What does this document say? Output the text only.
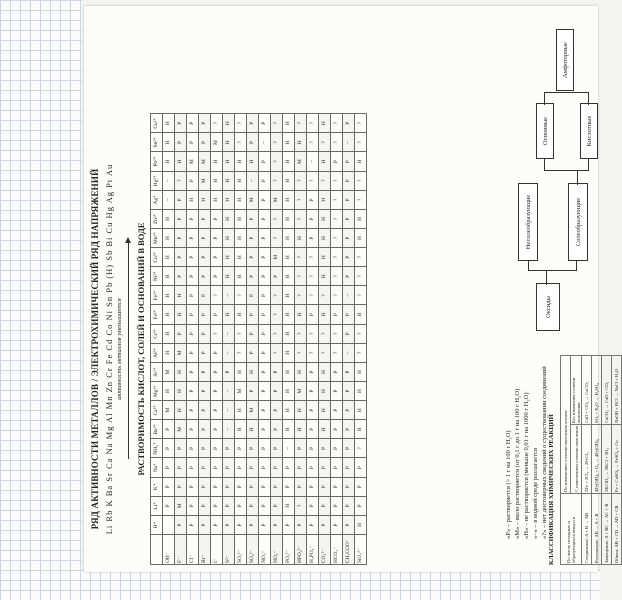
РЯД АКТИВНОСТИ МЕТАЛЛОВ / ЭЛЕКТРОХИМИЧЕСКИЙ РЯД НАПРЯЖЕНИЙ Li Rb K Ba Sr Ca Na Mg Al Mn Zn Cr Fe Cd Co Ni Sn Pb (H) Sb Bi Cu Hg Ag Pt Au активность металлов уменьшается РАСТВОРИМОСТЬ КИСЛОТ, СОЛЕЙ И ОСНОВАНИЙ В ВОДЕ
	H⁺	Li⁺	K⁺	Na⁺	NH₄⁺	Ba²⁺	Ca²⁺	Mg²⁺	Sr²⁺	Al³⁺	Cr³⁺	Fe²⁺	Fe³⁺	Ni²⁺	Co²⁺	Mn²⁺	Zn²⁺	Ag⁺	Hg²⁺	Pb²⁺	Sn²⁺	Cu²⁺
OH⁻		Р	Р	Р	Р	Р	М	Н	М	Н	Н	Н	Н	Н	Н	Н	Н	–	–	Н	Н	Н
F⁻	Р	М	Р	Р	Р	М	Н	Н	Н	М	Р	Н	Н	Р	Р	Р	Р	Р	?	Н	Р	Р
Cl⁻	Р	Р	Р	Р	Р	Р	Р	Р	Р	Р	Р	Р	Р	Р	Р	Р	Р	Н	Р	М	Р	Р
Br⁻	Р	Р	Р	Р	Р	Р	Р	Р	Р	Р	Р	Р	Р	Р	Р	Р	Р	Н	М	М	Р	Р
I⁻	Р	Р	Р	Р	Р	Р	Р	Р	Р	Р	?	Р	?	Р	Р	Р	Р	Н	Н	Н	М	?
S²⁻	Р	Р	Р	Р	Р	–	–	–	Р	–	–	Н	–	Н	Н	Н	Н	Н	Н	Н	Н	Н
SO₃²⁻	Р	Р	Р	Р	Р	Н	Н	М	Н	?	?	Н	?	Н	Н	Н	Н	Н	Н	Н	?	?
SO₄²⁻	Р	Р	Р	Р	Р	Н	М	Р	Н	Р	Р	Р	Р	Р	Р	Р	Р	М	–	Н	Р	Р
NO₃⁻	Р	Р	Р	Р	Р	Р	Р	Р	Р	Р	Р	Р	Р	Р	Р	Р	Р	Р	Р	Р	–	Р
NO₂⁻	Р	Р	Р	Р	Р	Р	Р	Р	Р	?	?	?	?	Р	М	?	?	М	?	?	?	?
PO₄³⁻	Р	Н	Р	Р	–	Н	Н	Н	Н	Н	Н	Н	Н	Н	Н	Н	Н	Н	Н	Н	Н	Н
HPO₄²⁻	Р	?	Р	Р	Р	Н	Н	М	Н	?	?	Н	?	?	?	Н	?	?	?	М	Н	?
H₂PO₄⁻	Р	Р	Р	Р	Р	Р	Р	Р	Р	?	?	Р	?	?	?	Р	Р	Р	?	–	?	?
CO₃²⁻	Р	Р	Р	Р	Р	Н	Н	Н	Н	?	?	Н	?	Н	Н	Н	Н	Н	?	Н	?	Н
HCO₃⁻	Р	Р	Р	Р	Р	Р	Р	Р	Р	?	?	Р	?	?	?	?	?	?	?	Р	?	?
CH₃COO⁻	Р	Р	Р	Р	Р	Р	Р	Р	Р	–	Р	Р	–	Р	Р	Р	Р	Р	Р	Р	–	Р
SiO₃²⁻	Н	Р	Р	Р	?	Н	Н	Н	Н	?	?	Н	?	?	?	Н	Н	?	?	Н	?	?
«Р» – растворяется (> 1 г на 100 г H₂O) «М» – мало растворяется (от 0,1 г до 1 г на 100 г H₂O) «Н» – не растворяется (меньше 0,01 г на 1000 г H₂O) «–» – в водной среде разлагается «?» – нет достоверных сведений о существовании соединений КЛАССИФИКАЦИЯ ХИМИЧЕСКИХ РЕАКЦИЙ По числу исходных и образующихся веществ	По изменению степени окисления атомов	
	С изменением степени окисления	Без изменения степени окисления
Соединение: A + B → AB	2Fe + 3Cl₂ → 2FeCl₃	CaO + CO₂ → CaCO₃
Разложение: AB → A + B	4Fe(OH)₂ + O₂ → 4Fe(OH)₃	SO₃ + H₂O → H₂SO₄
Замещение: A + BC → AC + B	2KClO₃ → 2KCl + 3O₂	CaCO₃ → CaO + CO₂
Обмен: AB + CD → AD + CB	Fe + CuSO₄ → FeSO₄ + Cu	NaOH + HCl → NaCl + H₂O
Оксиды
Солеобразующие
Несолеобразующие
Кислотные
Основные
Амфотерные
